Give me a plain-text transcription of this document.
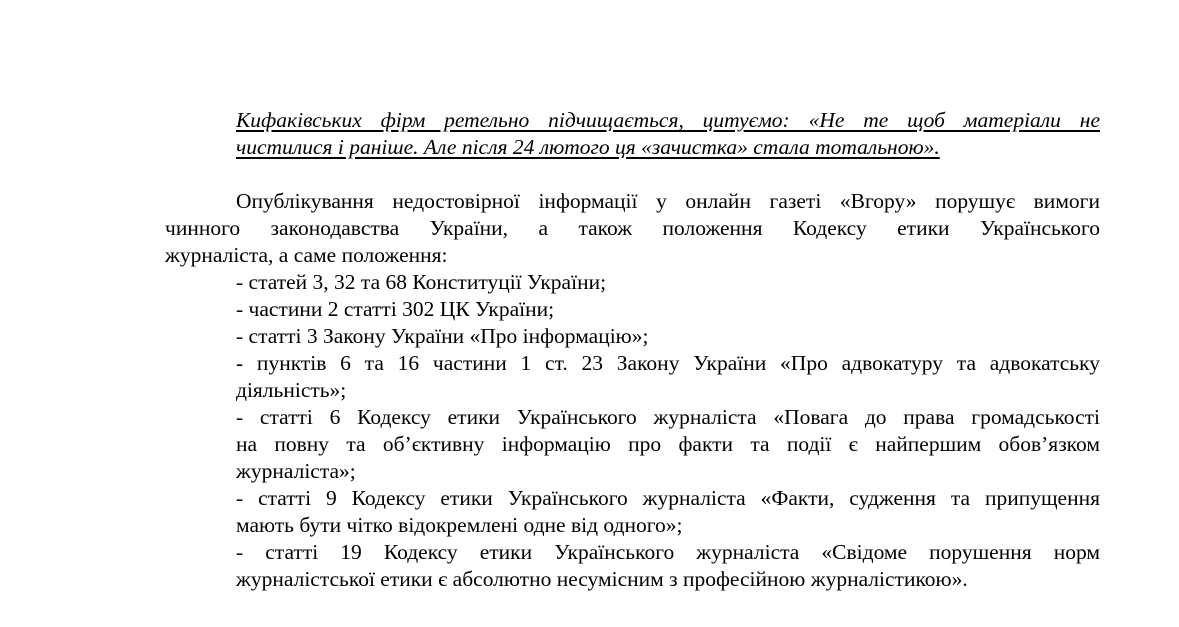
Кифаківських фірм ретельно підчищається, цитуємо: «Не те щоб матеріали не
чистилися і раніше. Але після 24 лютого ця «зачистка» стала тотальною».
Опублікування недостовірної інформації у онлайн газеті «Вгору» порушує вимоги
чинного законодавства України, а також положення Кодексу етики Українського
журналіста, а саме положення:
- статей 3, 32 та 68 Конституції України;
- частини 2 статті 302 ЦК України;
- статті 3 Закону України «Про інформацію»;
- пунктів 6 та 16 частини 1 ст. 23 Закону України «Про адвокатуру та адвокатську
діяльність»;
- статті 6 Кодексу етики Українського журналіста «Повага до права громадськості
на повну та об’єктивну інформацію про факти та події є найпершим обов’язком
журналіста»;
- статті 9 Кодексу етики Українського журналіста «Факти, судження та припущення
мають бути чітко відокремлені одне від одного»;
- статті 19 Кодексу етики Українського журналіста «Свідоме порушення норм
журналістської етики є абсолютно несумісним з професійною журналістикою».
